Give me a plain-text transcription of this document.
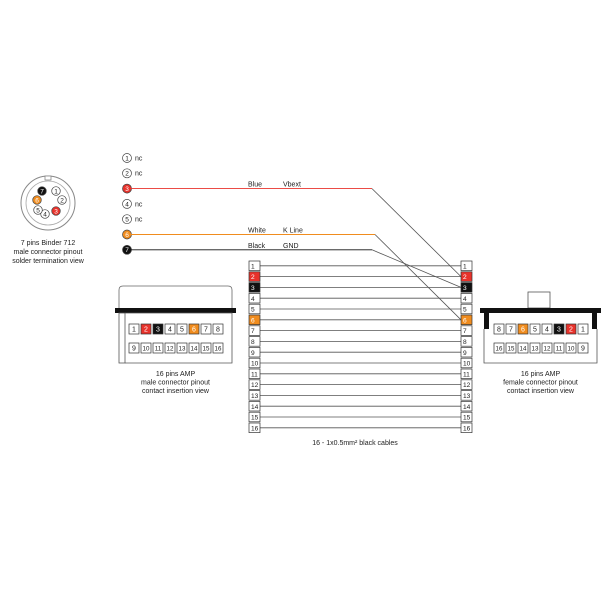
1
2
3
4
5
6
7
7 pins Binder 712
male connector pinout
solder termination view
1 nc
2 nc
3
Blue	Vbext
4 nc
5 nc
6
White K Line
7
Black	GND
1	1
2	2
3	3
4	4
5	5
6	6
7	7
8	8
9	9
10	10
11	11
12	12
13	13
14	14
15	15
16	16
16 - 1x0.5mm² black cables
1 2 3 4 5 6 7 8
9 10 11 12 13 14 15 16
16 pins AMP
male connector pinout
contact insertion view
8 7 6 5 4 3 2 1
16 15 14 13 12 11 10 9
16 pins AMP
female connector pinout
contact insertion view
